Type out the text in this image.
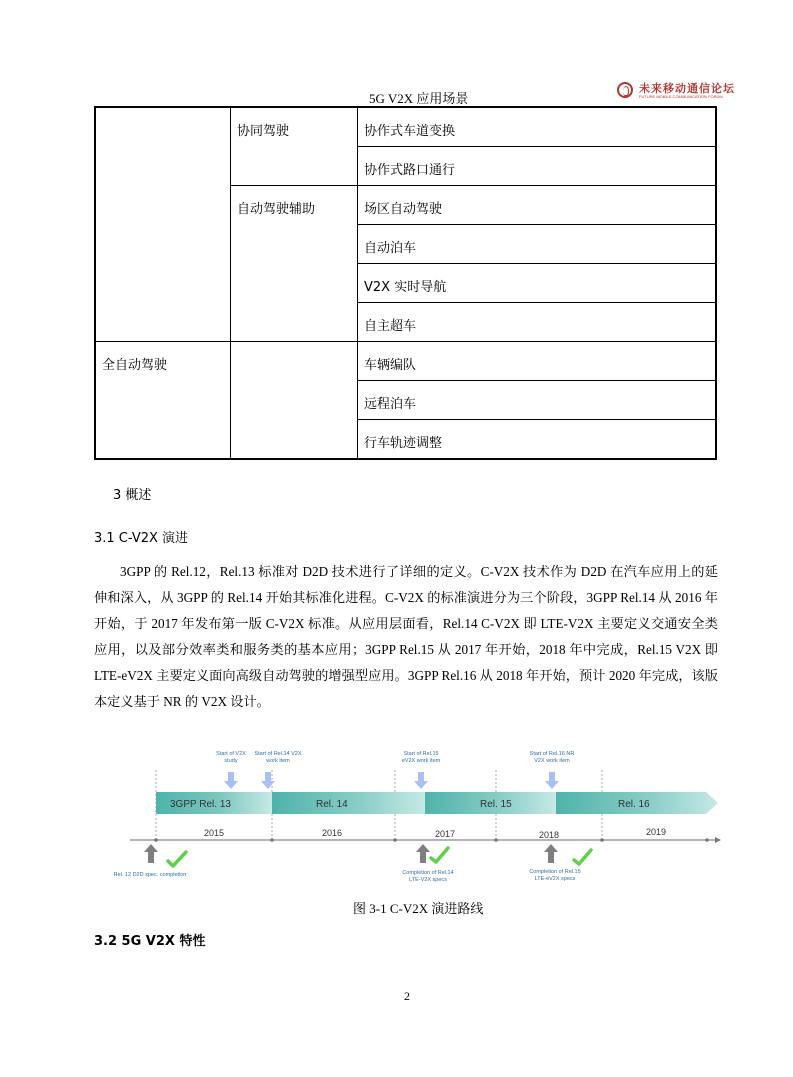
5G V2X 应用场景
未来移动通信论坛
FUTURE MOBILE COMMUNICATION FORUM
	协同驾驶	协作式车道变换
		协作式路口通行
	自动驾驶辅助	场区自动驾驶
		自动泊车
		V2X 实时导航
		自主超车
全自动驾驶		车辆编队
		远程泊车
		行车轨迹调整
3 概述
3.1 C-V2X 演进
3GPP 的 Rel.12，Rel.13 标准对 D2D 技术进行了详细的定义。C-V2X 技术作为 D2D 在汽车应用上的延伸和深入，从 3GPP 的 Rel.14 开始其标准化进程。C-V2X 的标准演进分为三个阶段，3GPP Rel.14 从 2016 年开始，于 2017 年发布第一版 C-V2X 标准。从应用层面看，Rel.14 C-V2X 即 LTE-V2X 主要定义交通安全类应用，以及部分效率类和服务类的基本应用；3GPP Rel.15 从 2017 年开始，2018 年中完成，Rel.15 V2X 即 LTE-eV2X 主要定义面向高级自动驾驶的增强型应用。3GPP Rel.16 从 2018 年开始，预计 2020 年完成，该版本定义基于 NR 的 V2X 设计。
3GPP Rel. 13	Rel. 14	Rel. 15	Rel. 16
Start of V2X
study
Start of Rel.14 V2X
work item
Start of Rel.15
eV2X work item
Start of Rel.16 NR
V2X work item
2015	2016	2017	2018	2019
Rel. 12 D2D spec. completion	Completion of Rel.14
LTE-V2X specs
Completion of Rel.15
LTE-eV2X specs
图 3-1 C-V2X 演进路线
3.2 5G V2X 特性
2
